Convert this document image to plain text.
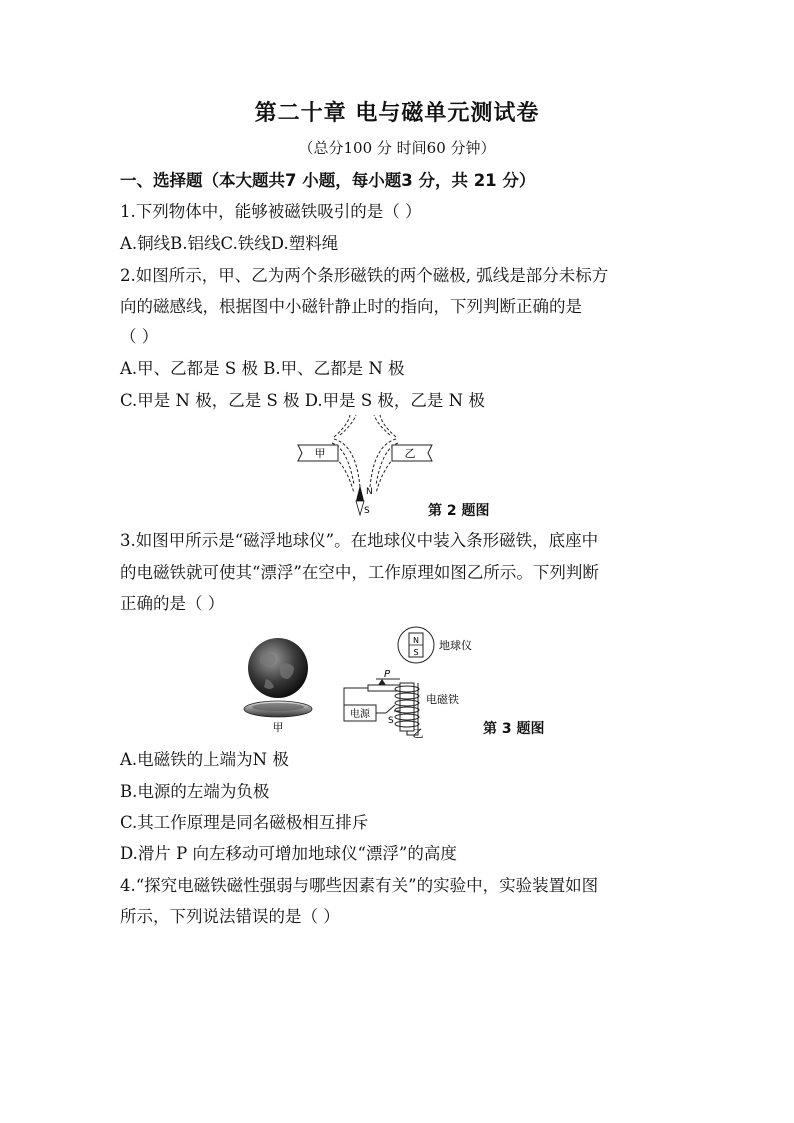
第二十章 电与磁单元测试卷
（总分100 分 时间60 分钟）
一、选择题（本大题共7 小题，每小题3 分，共 21 分）
1.下列物体中，能够被磁铁吸引的是（ ）
A.铜线B.铝线C.铁线D.塑料绳
2.如图所示，甲、乙为两个条形磁铁的两个磁极, 弧线是部分未标方
向的磁感线，根据图中小磁针静止时的指向，下列判断正确的是
（ ）
A.甲、乙都是 S 极 B.甲、乙都是 N 极
C.甲是 N 极，乙是 S 极 D.甲是 S 极，乙是 N 极
甲	乙
N
S	第 2 题图
3.如图甲所示是“磁浮地球仪”。在地球仪中装入条形磁铁，底座中
的电磁铁就可使其“漂浮”在空中，工作原理如图乙所示。下列判断
正确的是（ ）
甲
N
S
地球仪
P
电磁铁
电源
S
乙	第 3 题图
A.电磁铁的上端为N 极
B.电源的左端为负极
C.其工作原理是同名磁极相互排斥
D.滑片 P 向左移动可增加地球仪“漂浮”的高度
4.“探究电磁铁磁性强弱与哪些因素有关”的实验中，实验装置如图
所示，下列说法错误的是（ ）
